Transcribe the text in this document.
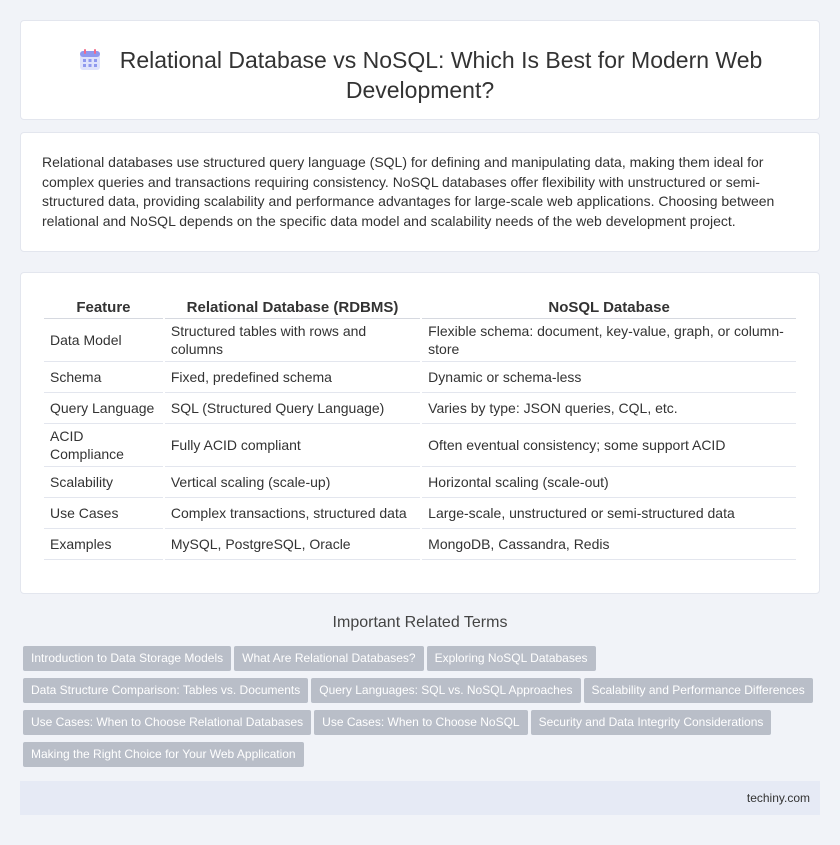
Relational Database vs NoSQL: Which Is Best for Modern Web Development?

Relational databases use structured query language (SQL) for defining and manipulating data, making them ideal for complex queries and transactions requiring consistency. NoSQL databases offer flexibility with unstructured or semi-structured data, providing scalability and performance advantages for large-scale web applications. Choosing between relational and NoSQL depends on the specific data model and scalability needs of the web development project.

Feature	Relational Database (RDBMS)	NoSQL Database
Data Model	Structured tables with rows and columns	Flexible schema: document, key-value, graph, or column-store
Schema	Fixed, predefined schema	Dynamic or schema-less
Query Language	SQL (Structured Query Language)	Varies by type: JSON queries, CQL, etc.
ACID Compliance	Fully ACID compliant	Often eventual consistency; some support ACID
Scalability	Vertical scaling (scale-up)	Horizontal scaling (scale-out)
Use Cases	Complex transactions, structured data	Large-scale, unstructured or semi-structured data
Examples	MySQL, PostgreSQL, Oracle	MongoDB, Cassandra, Redis
Important Related Terms
Introduction to Data Storage Models What Are Relational Databases? Exploring NoSQL Databases
Data Structure Comparison: Tables vs. Documents Query Languages: SQL vs. NoSQL Approaches Scalability and Performance Differences
Use Cases: When to Choose Relational Databases Use Cases: When to Choose NoSQL Security and Data Integrity Considerations
Making the Right Choice for Your Web Application
techiny.com
